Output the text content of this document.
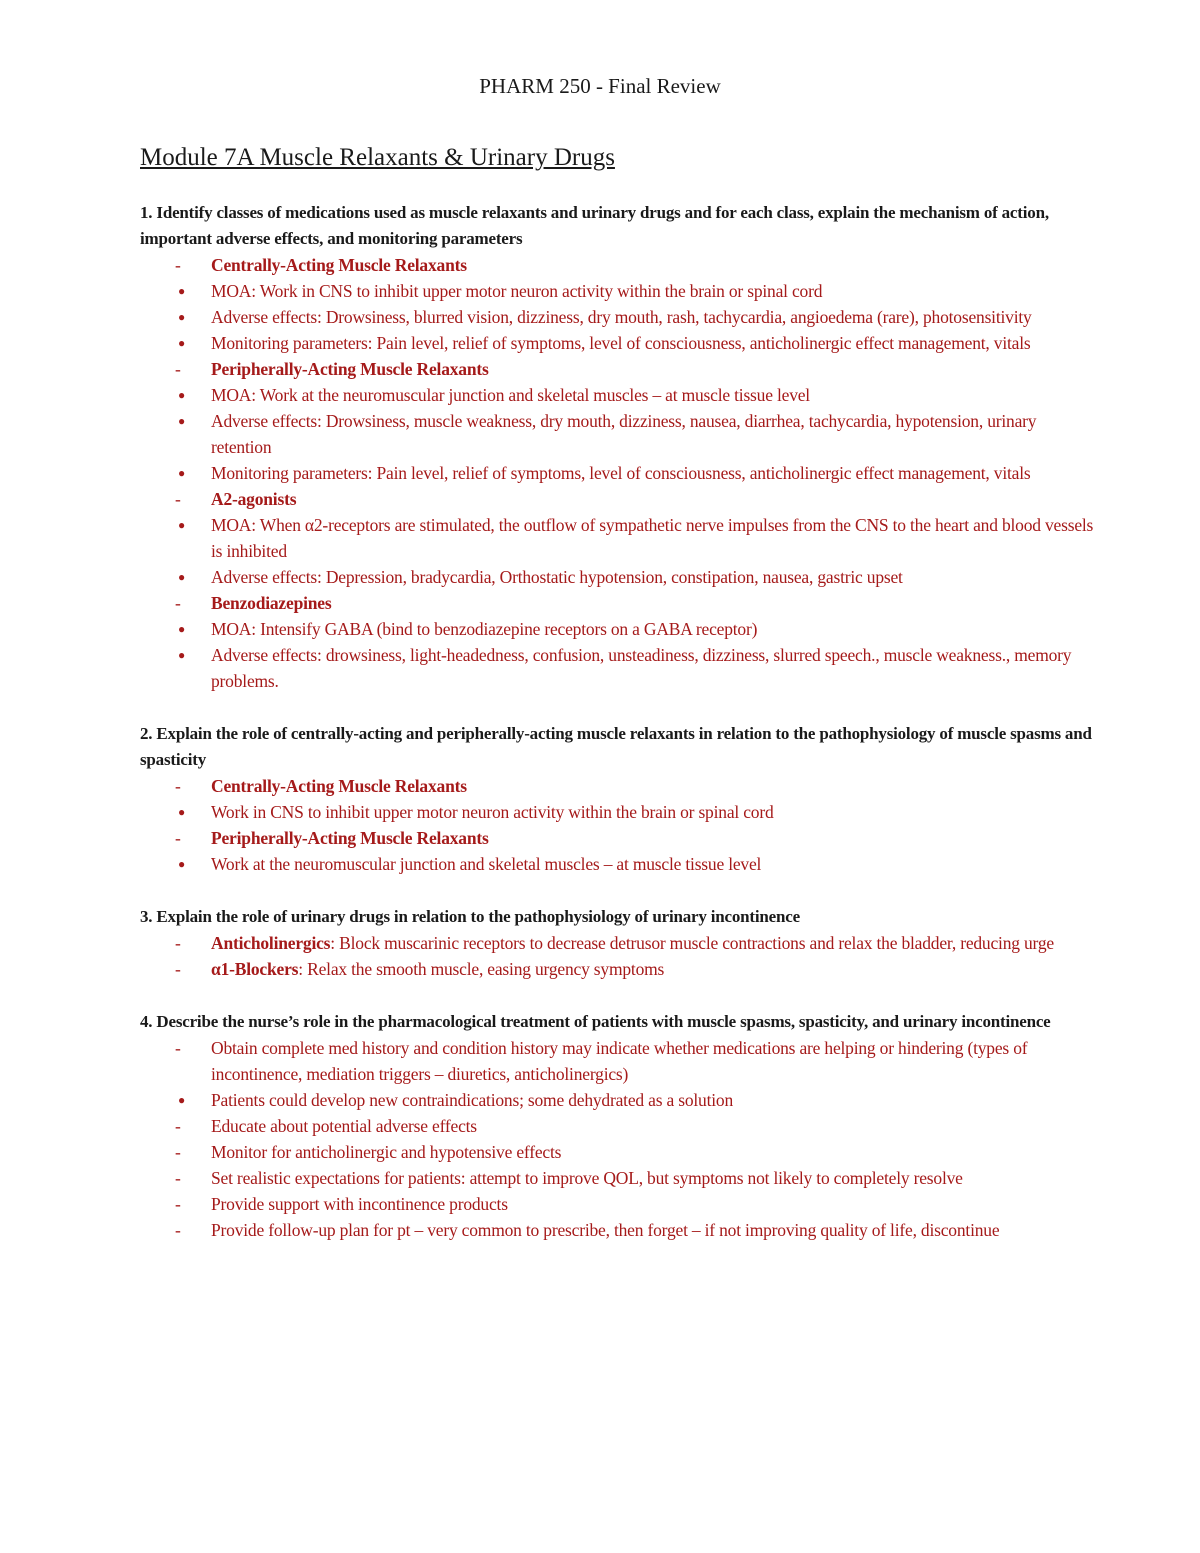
PHARM 250 - Final Review
Module 7A Muscle Relaxants & Urinary Drugs

1. Identify classes of medications used as muscle relaxants and urinary drugs and for each class, explain the mechanism of action, important adverse effects, and monitoring parameters

- Centrally-Acting Muscle Relaxants
● MOA: Work in CNS to inhibit upper motor neuron activity within the brain or spinal cord
● Adverse effects: Drowsiness, blurred vision, dizziness, dry mouth, rash, tachycardia, angioedema (rare), photosensitivity
● Monitoring parameters: Pain level, relief of symptoms, level of consciousness, anticholinergic effect management, vitals
- Peripherally-Acting Muscle Relaxants
● MOA: Work at the neuromuscular junction and skeletal muscles – at muscle tissue level
● Adverse effects: Drowsiness, muscle weakness, dry mouth, dizziness, nausea, diarrhea, tachycardia, hypotension, urinary retention
● Monitoring parameters: Pain level, relief of symptoms, level of consciousness, anticholinergic effect management, vitals
- A2-agonists
● MOA: When α2-receptors are stimulated, the outflow of sympathetic nerve impulses from the CNS to the heart and blood vessels is inhibited
● Adverse effects: Depression, bradycardia, Orthostatic hypotension, constipation, nausea, gastric upset
- Benzodiazepines
● MOA: Intensify GABA (bind to benzodiazepine receptors on a GABA receptor)
● Adverse effects: drowsiness, light-headedness, confusion, unsteadiness, dizziness, slurred speech., muscle weakness., memory problems.

2. Explain the role of centrally-acting and peripherally-acting muscle relaxants in relation to the pathophysiology of muscle spasms and spasticity

- Centrally-Acting Muscle Relaxants
● Work in CNS to inhibit upper motor neuron activity within the brain or spinal cord
- Peripherally-Acting Muscle Relaxants
● Work at the neuromuscular junction and skeletal muscles – at muscle tissue level

3. Explain the role of urinary drugs in relation to the pathophysiology of urinary incontinence

- Anticholinergics: Block muscarinic receptors to decrease detrusor muscle contractions and relax the bladder, reducing urge
- α1-Blockers: Relax the smooth muscle, easing urgency symptoms

4. Describe the nurse’s role in the pharmacological treatment of patients with muscle spasms, spasticity, and urinary incontinence

- Obtain complete med history and condition history may indicate whether medications are helping or hindering (types of incontinence, mediation triggers – diuretics, anticholinergics)
● Patients could develop new contraindications; some dehydrated as a solution
- Educate about potential adverse effects
- Monitor for anticholinergic and hypotensive effects
- Set realistic expectations for patients: attempt to improve QOL, but symptoms not likely to completely resolve
- Provide support with incontinence products
- Provide follow-up plan for pt – very common to prescribe, then forget – if not improving quality of life, discontinue
